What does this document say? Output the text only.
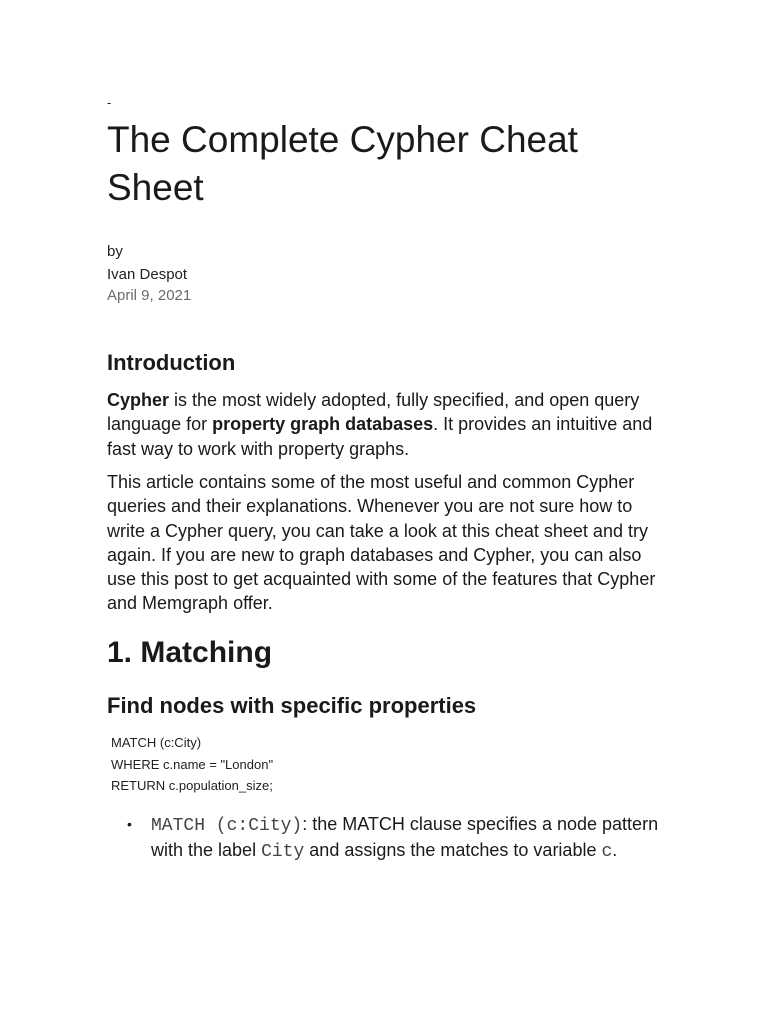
-
The Complete Cypher Cheat Sheet
by
Ivan Despot
April 9, 2021
Introduction

Cypher is the most widely adopted, fully specified, and open query language for property graph databases. It provides an intuitive and fast way to work with property graphs.

This article contains some of the most useful and common Cypher queries and their explanations. Whenever you are not sure how to write a Cypher query, you can take a look at this cheat sheet and try again. If you are new to graph databases and Cypher, you can also use this post to get acquainted with some of the features that Cypher and Memgraph offer.

1. Matching
Find nodes with specific properties
MATCH (c:City)
WHERE c.name = "London"
RETURN c.population_size;
• MATCH (c:City): the MATCH clause specifies a node pattern with the label City and assigns the matches to variable c.
